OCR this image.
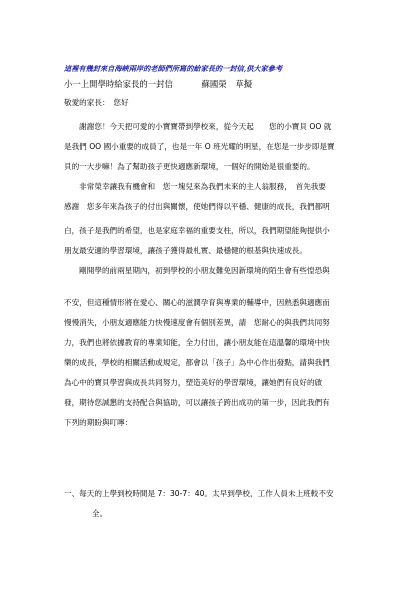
這裡有幾封來自海峽兩岸的老師們所寫的給家長的一封信,供大家參考
小一上開學時給家長的一封信	蘇國榮 草擬
敬愛的家長：　您好
　　謝謝您！今天把可愛的小寶寶帶到學校來，從今天起　　您的小寶貝 OO 就
是我們 OO 國小重要的成員了，也是一年 O 班光耀的明星，在您是一步步即是寶
貝的一大步嘛！為了幫助孩子更快適應新環境，一個好的開始是很重要的。
　　非常榮幸讓我有機會和　您一塊兒來為我們未來的主人翁服務，　首先我要
感謝　您多年來為孩子的付出與關懷，使她們得以平穩、健康的成長，我們都明
白，孩子是我們的希望，也是家庭幸福的重要支柱，所以，我們期望能夠提供小
朋友最安適的學習環境，讓孩子獲得最札實、最穩健的根基與快速成長。
　　剛開學的前兩星期內，初到學校的小朋友難免因新環境的陌生會有些惶恐與
不安，但這種情形將在愛心、關心的滋潤孕育與專業的輔導中，因熟悉與適應而
慢慢消失，小朋友適應能力快慢速度會有個別差異，請　您耐心的與我們共同努
力，我們也將依據教育的專業知能，全力付出，讓小朋友能在這溫馨的環境中快
樂的成長，學校的相關活動或規定，都會以「孩子」為中心作出發點，請與我們
為心中的寶貝學習與成長共同努力，塑造美好的學習環境，讓她們有良好的啟
發，期待您誠懇的支持配合與協助，可以讓孩子跨出成功的第一步，因此我們有
下列的期盼與叮嚀：
一、每天的上學到校時間是 7：30-7：40。太早到學校，工作人員未上班較不安
全。
